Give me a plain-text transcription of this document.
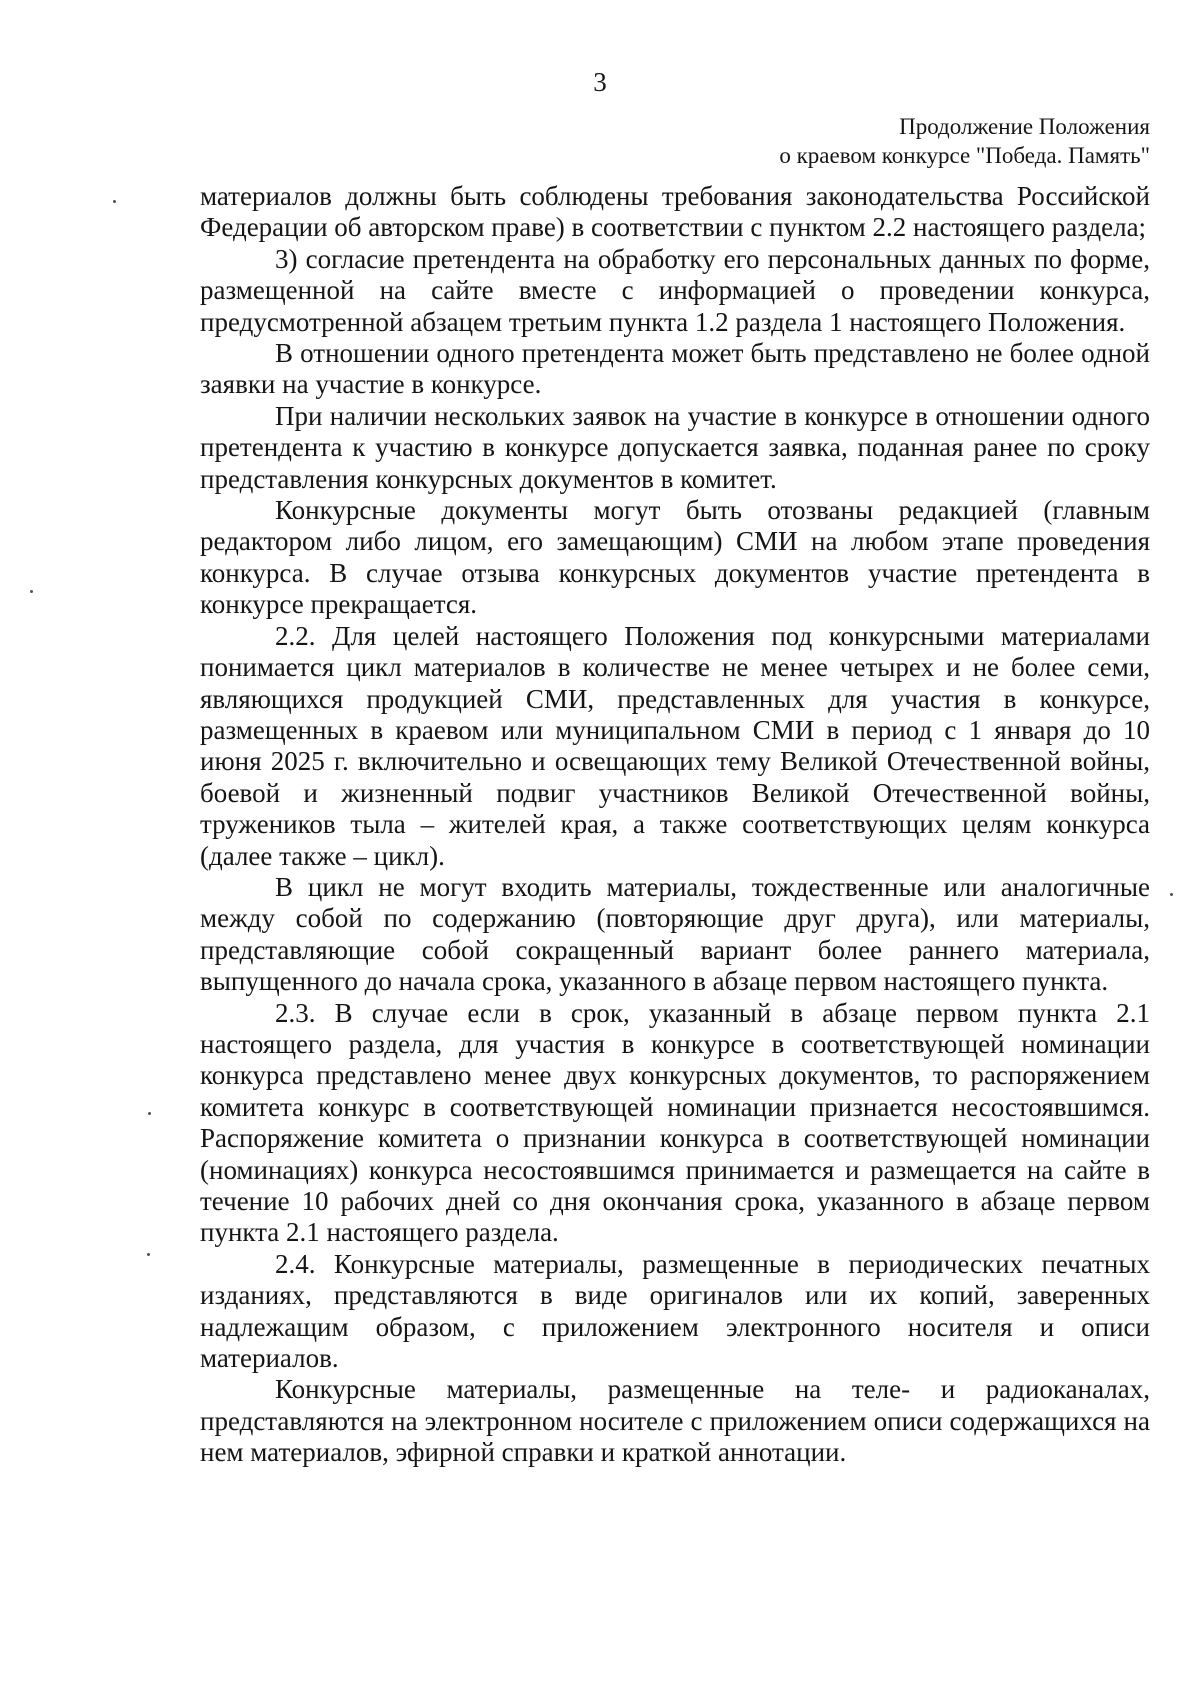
3
Продолжение Положения
о краевом конкурсе "Победа. Память"

материалов должны быть соблюдены требования законодательства Российской Федерации об авторском праве) в соответствии с пунктом 2.2 настоящего раздела;

3) согласие претендента на обработку его персональных данных по форме, размещенной на сайте вместе с информацией о проведении конкурса, предусмотренной абзацем третьим пункта 1.2 раздела 1 настоящего Положения.

В отношении одного претендента может быть представлено не более одной заявки на участие в конкурсе.

При наличии нескольких заявок на участие в конкурсе в отношении одного претендента к участию в конкурсе допускается заявка, поданная ранее по сроку представления конкурсных документов в комитет.

Конкурсные документы могут быть отозваны редакцией (главным редактором либо лицом, его замещающим) СМИ на любом этапе проведения конкурса. В случае отзыва конкурсных документов участие претендента в конкурсе прекращается.

2.2. Для целей настоящего Положения под конкурсными материалами понимается цикл материалов в количестве не менее четырех и не более семи, являющихся продукцией СМИ, представленных для участия в конкурсе, размещенных в краевом или муниципальном СМИ в период с 1 января до 10 июня 2025 г. включительно и освещающих тему Великой Отечественной войны, боевой и жизненный подвиг участников Великой Отечественной войны, тружеников тыла – жителей края, а также соответствующих целям конкурса (далее также – цикл).

В цикл не могут входить материалы, тождественные или аналогичные между собой по содержанию (повторяющие друг друга), или материалы, представляющие собой сокращенный вариант более раннего материала, выпущенного до начала срока, указанного в абзаце первом настоящего пункта.

2.3. В случае если в срок, указанный в абзаце первом пункта 2.1 настоящего раздела, для участия в конкурсе в соответствующей номинации конкурса представлено менее двух конкурсных документов, то распоряжением комитета конкурс в соответствующей номинации признается несостоявшимся. Распоряжение комитета о признании конкурса в соответствующей номинации (номинациях) конкурса несостоявшимся принимается и размещается на сайте в течение 10 рабочих дней со дня окончания срока, указанного в абзаце первом пункта 2.1 настоящего раздела.

2.4. Конкурсные материалы, размещенные в периодических печатных изданиях, представляются в виде оригиналов или их копий, заверенных надлежащим образом, с приложением электронного носителя и описи материалов.

Конкурсные материалы, размещенные на теле- и радиоканалах, представляются на электронном носителе с приложением описи содержащихся на нем материалов, эфирной справки и краткой аннотации.
